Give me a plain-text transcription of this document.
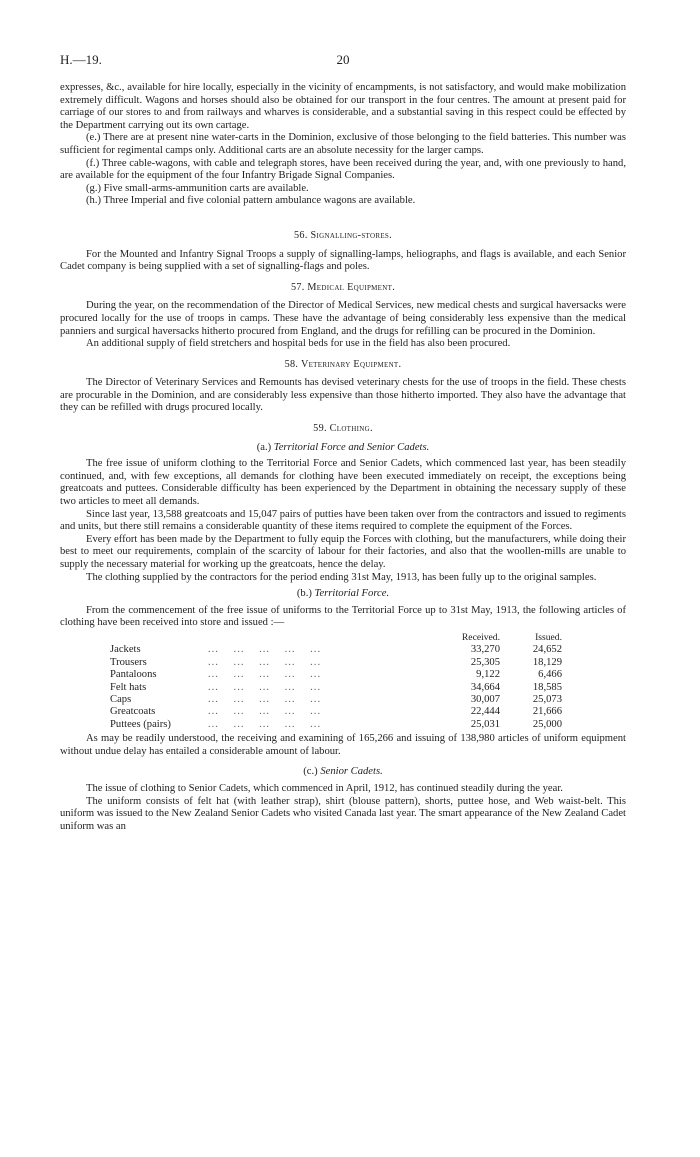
H.—19.	20

expresses, &c., available for hire locally, especially in the vicinity of encampments, is not satisfactory, and would make mobilization extremely difficult. Wagons and horses should also be obtained for our transport in the four centres. The amount at present paid for carriage of our stores to and from railways and wharves is considerable, and a substantial saving in this respect could be effected by the Department carrying out its own cartage.

(e.) There are at present nine water-carts in the Dominion, exclusive of those belonging to the field batteries. This number was sufficient for regimental camps only. Additional carts are an absolute necessity for the larger camps.

(f.) Three cable-wagons, with cable and telegraph stores, have been received during the year, and, with one previously to hand, are available for the equipment of the four Infantry Brigade Signal Companies.

(g.) Five small-arms-ammunition carts are available.

(h.) Three Imperial and five colonial pattern ambulance wagons are available.

56. Signalling-stores.

For the Mounted and Infantry Signal Troops a supply of signalling-lamps, heliographs, and flags is available, and each Senior Cadet company is being supplied with a set of signalling-flags and poles.

57. Medical Equipment.

During the year, on the recommendation of the Director of Medical Services, new medical chests and surgical haversacks were procured locally for the use of troops in camps. These have the advantage of being considerably less expensive than the medical panniers and surgical haversacks hitherto procured from England, and the drugs for refilling can be procured in the Dominion.

An additional supply of field stretchers and hospital beds for use in the field has also been procured.

58. Veterinary Equipment.

The Director of Veterinary Services and Remounts has devised veterinary chests for the use of troops in the field. These chests are procurable in the Dominion, and are considerably less expensive than those hitherto imported. They also have the advantage that they can be refilled with drugs procured locally.

59. Clothing.
(a.) Territorial Force and Senior Cadets.

The free issue of uniform clothing to the Territorial Force and Senior Cadets, which commenced last year, has been steadily continued, and, with few exceptions, all demands for clothing have been executed immediately on receipt, the exceptions being greatcoats and puttees. Considerable difficulty has been experienced by the Department in obtaining the necessary supply of these two articles to meet all demands.

Since last year, 13,588 greatcoats and 15,047 pairs of putties have been taken over from the contractors and issued to regiments and units, but there still remains a considerable quantity of these items required to complete the equipment of the Forces.

Every effort has been made by the Department to fully equip the Forces with clothing, but the manufacturers, while doing their best to meet our requirements, complain of the scarcity of labour for their factories, and also that the woollen-mills are unable to supply the necessary material for working up the greatcoats, hence the delay.

The clothing supplied by the contractors for the period ending 31st May, 1913, has been fully up to the original samples.

(b.) Territorial Force.

From the commencement of the free issue of uniforms to the Territorial Force up to 31st May, 1913, the following articles of clothing have been received into store and issued :—

		Received.	Issued.
Jackets	...    ...    ...    ...    ...	33,270	24,652
Trousers	...    ...    ...    ...    ...	25,305	18,129
Pantaloons	...    ...    ...    ...    ...	9,122	6,466
Felt hats	...    ...    ...    ...    ...	34,664	18,585
Caps	...    ...    ...    ...    ...	30,007	25,073
Greatcoats	...    ...    ...    ...    ...	22,444	21,666
Puttees (pairs)	...    ...    ...    ...    ...	25,031	25,000

As may be readily understood, the receiving and examining of 165,266 and issuing of 138,980 articles of uniform equipment without undue delay has entailed a considerable amount of labour.

(c.) Senior Cadets.

The issue of clothing to Senior Cadets, which commenced in April, 1912, has continued steadily during the year.

The uniform consists of felt hat (with leather strap), shirt (blouse pattern), shorts, puttee hose, and Web waist-belt. This uniform was issued to the New Zealand Senior Cadets who visited Canada last year. The smart appearance of the New Zealand Cadet uniform was an
